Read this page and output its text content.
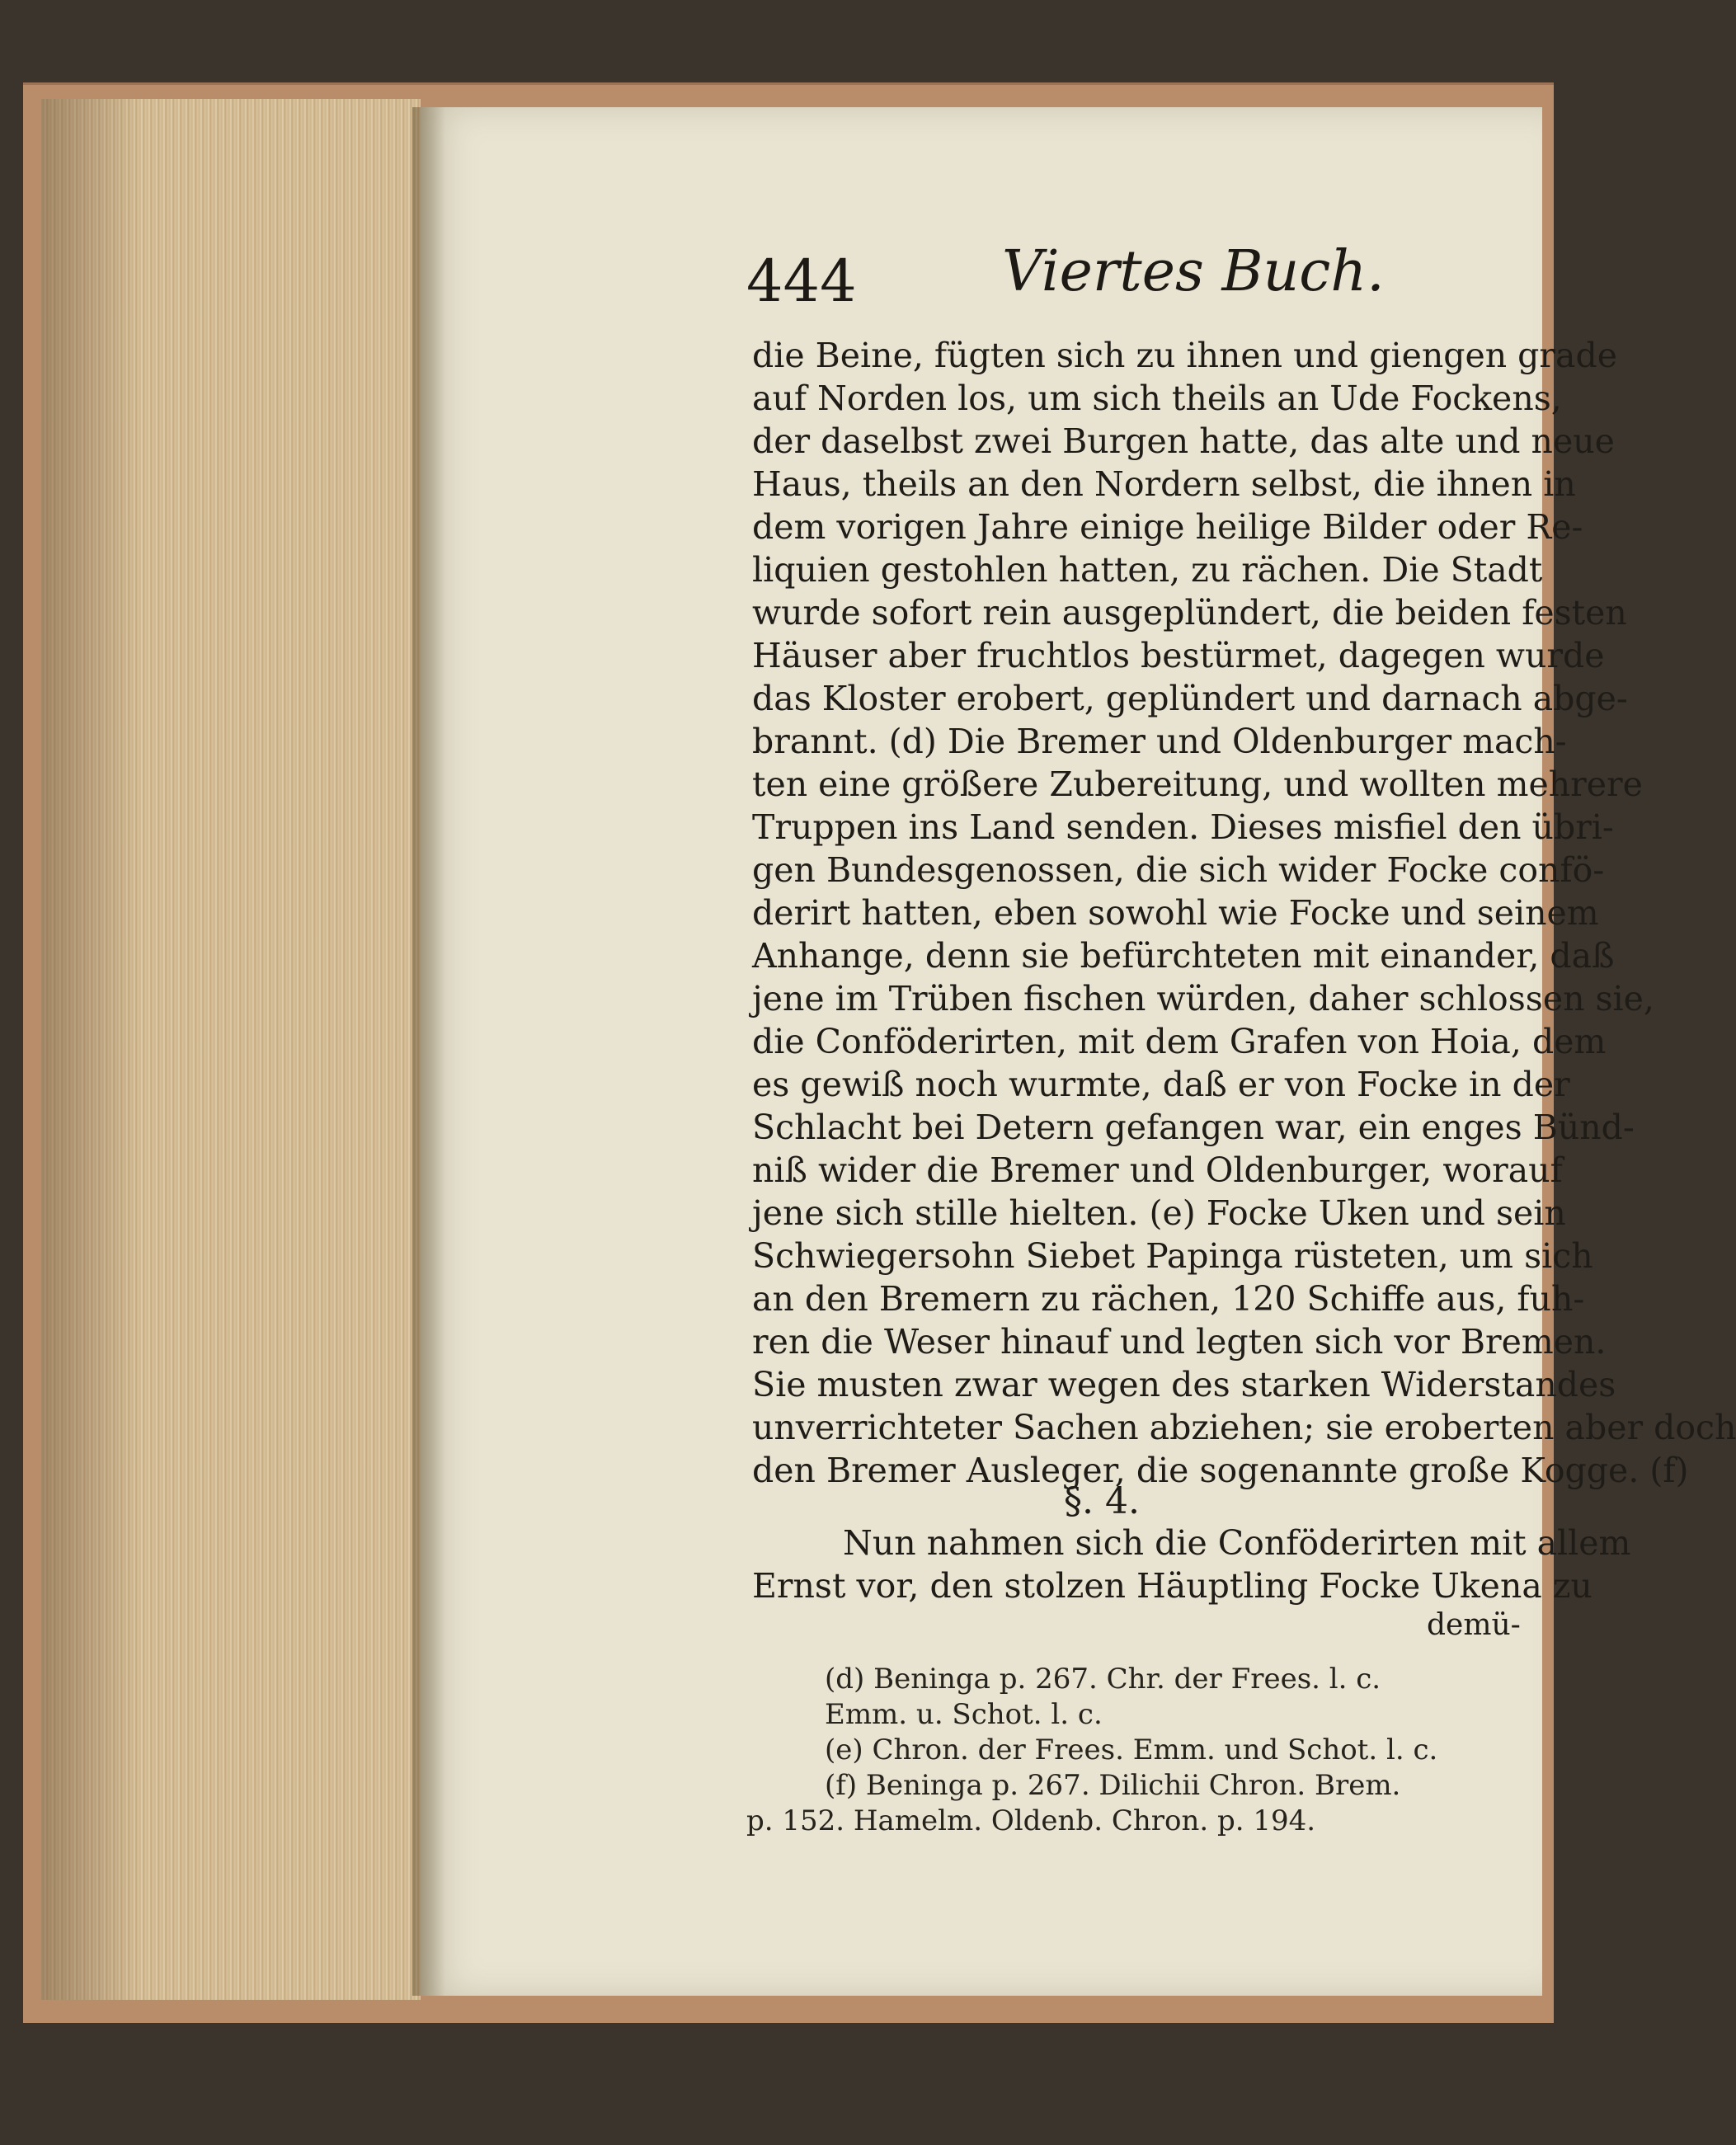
444	Viertes Buch.
die Beine, fügten sich zu ihnen und giengen grade
auf Norden los, um sich theils an Ude Fockens,
der daselbst zwei Burgen hatte, das alte und neue
Haus, theils an den Nordern selbst, die ihnen in
dem vorigen Jahre einige heilige Bilder oder Re-
liquien gestohlen hatten, zu rächen. Die Stadt
wurde sofort rein ausgeplündert, die beiden festen
Häuser aber fruchtlos bestürmet, dagegen wurde
das Kloster erobert, geplündert und darnach abge-
brannt. (d) Die Bremer und Oldenburger mach-
ten eine größere Zubereitung, und wollten mehrere
Truppen ins Land senden. Dieses misfiel den übri-
gen Bundesgenossen, die sich wider Focke confö-
derirt hatten, eben sowohl wie Focke und seinem
Anhange, denn sie befürchteten mit einander, daß
jene im Trüben fischen würden, daher schlossen sie,
die Conföderirten, mit dem Grafen von Hoia, dem
es gewiß noch wurmte, daß er von Focke in der
Schlacht bei Detern gefangen war, ein enges Bünd-
niß wider die Bremer und Oldenburger, worauf
jene sich stille hielten. (e) Focke Uken und sein
Schwiegersohn Siebet Papinga rüsteten, um sich
an den Bremern zu rächen, 120 Schiffe aus, fuh-
ren die Weser hinauf und legten sich vor Bremen.
Sie musten zwar wegen des starken Widerstandes
unverrichteter Sachen abziehen; sie eroberten aber doch
den Bremer Ausleger, die sogenannte große Kogge. (f)
§. 4.
Nun nahmen sich die Conföderirten mit allem
Ernst vor, den stolzen Häuptling Focke Ukena zu
demü-
(d) Beninga p. 267. Chr. der Frees. l. c.
Emm. u. Schot. l. c.
(e) Chron. der Frees. Emm. und Schot. l. c.
(f) Beninga p. 267. Dilichii Chron. Brem.
p. 152. Hamelm. Oldenb. Chron. p. 194.
